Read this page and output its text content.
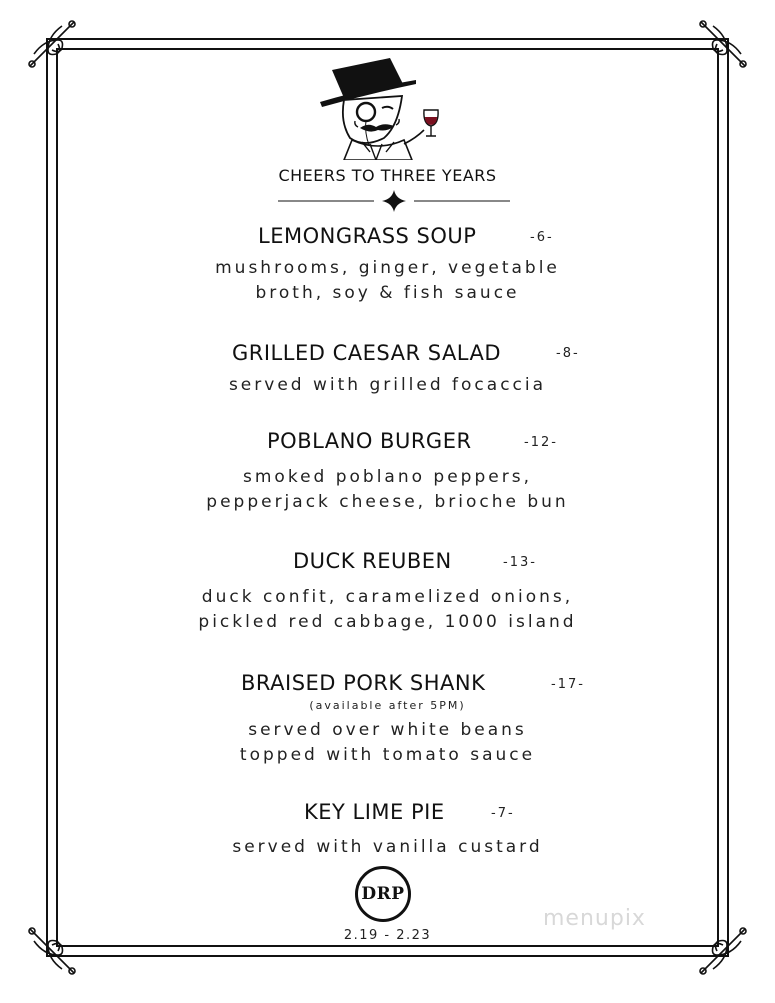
CHEERS TO THREE YEARS
LEMONGRASS SOUP	-6-
mushrooms, ginger, vegetable
broth, soy & fish sauce
GRILLED CAESAR SALAD	-8-
served with grilled focaccia
POBLANO BURGER	-12-
smoked poblano peppers,
pepperjack cheese, brioche bun
DUCK REUBEN	-13-
duck confit, caramelized onions,
pickled red cabbage, 1000 island
BRAISED PORK SHANK	-17-
(available after 5PM)
served over white beans
topped with tomato sauce
KEY LIME PIE	-7-
served with vanilla custard
DRP
2.19 - 2.23
menupix
